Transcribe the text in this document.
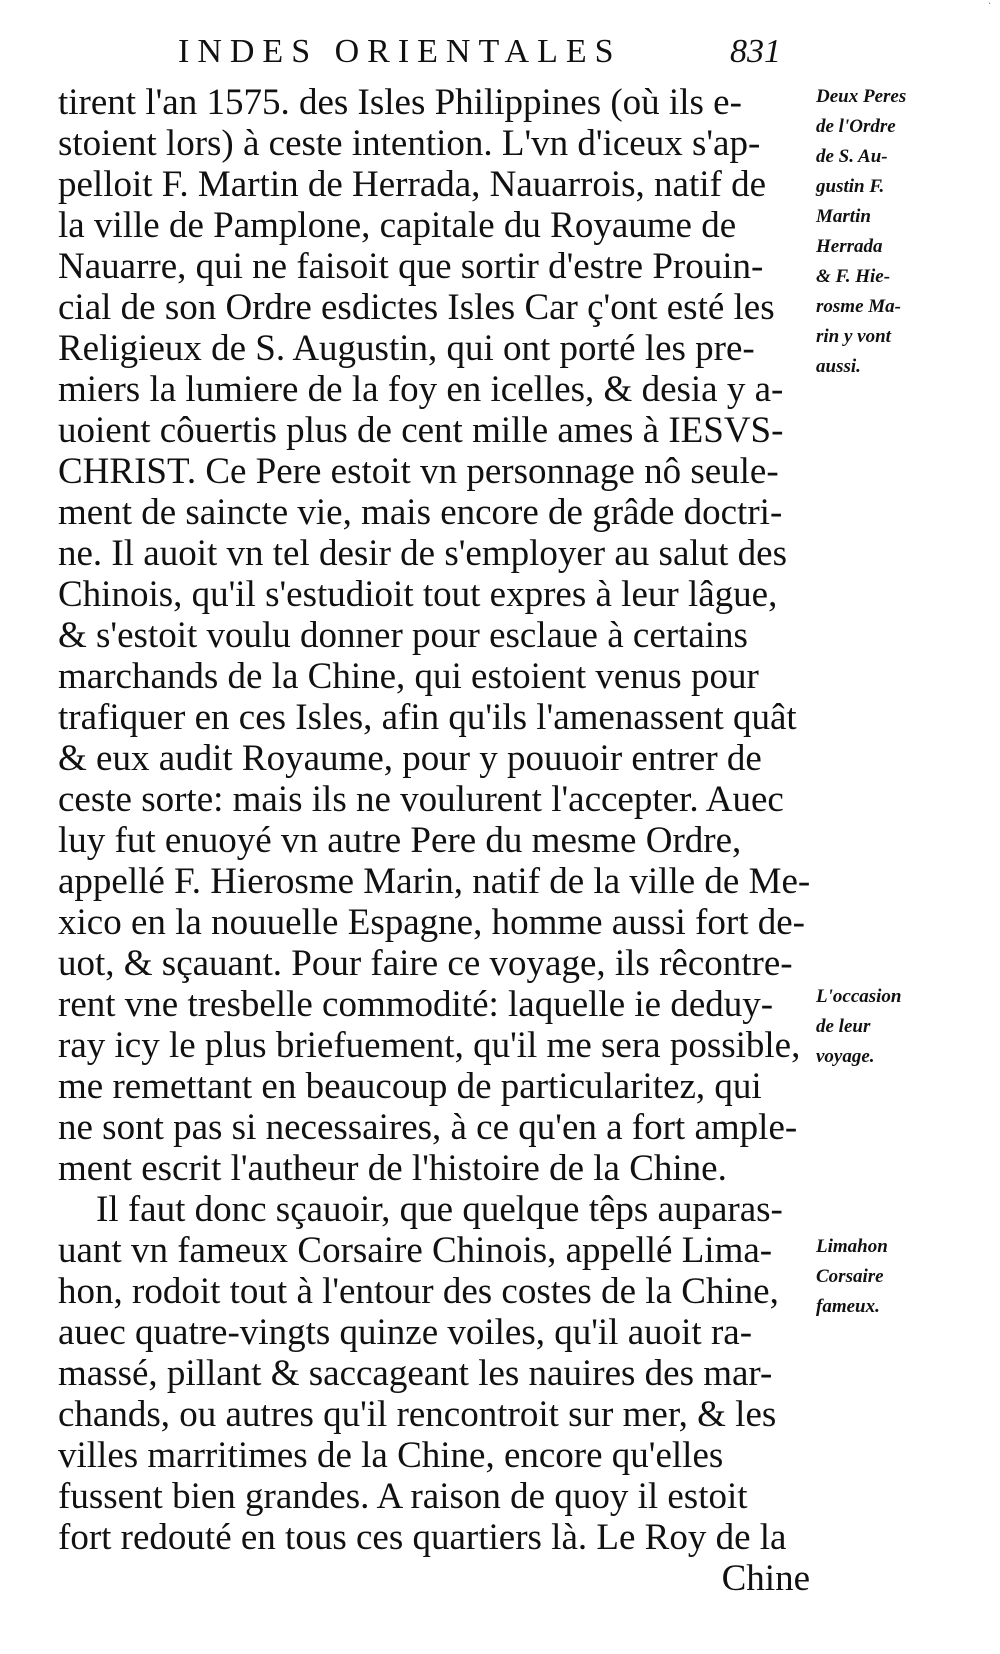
INDES ORIENTALES	831
tirent l'an 1575. des Isles Philippines (où ils e-
stoient lors) à ceste intention. L'vn d'iceux s'ap-
pelloit F. Martin de Herrada, Nauarrois, natif de
la ville de Pamplone, capitale du Royaume de
Nauarre, qui ne faisoit que sortir d'estre Prouin-
cial de son Ordre esdictes Isles Car ç'ont esté les
Religieux de S. Augustin, qui ont porté les pre-
miers la lumiere de la foy en icelles, & desia y a-
uoient côuertis plus de cent mille ames à IESVS-
CHRIST. Ce Pere estoit vn personnage nô seule-
ment de saincte vie, mais encore de grâde doctri-
ne. Il auoit vn tel desir de s'employer au salut des
Chinois, qu'il s'estudioit tout expres à leur lâgue,
& s'estoit voulu donner pour esclaue à certains
marchands de la Chine, qui estoient venus pour
trafiquer en ces Isles, afin qu'ils l'amenassent quât
& eux audit Royaume, pour y pouuoir entrer de
ceste sorte: mais ils ne voulurent l'accepter. Auec
luy fut enuoyé vn autre Pere du mesme Ordre,
appellé F. Hierosme Marin, natif de la ville de Me-
xico en la nouuelle Espagne, homme aussi fort de-
uot, & sçauant. Pour faire ce voyage, ils rêcontre-
rent vne tresbelle commodité: laquelle ie deduy-
ray icy le plus briefuement, qu'il me sera possible,
me remettant en beaucoup de particularitez, qui
ne sont pas si necessaires, à ce qu'en a fort ample-
ment escrit l'autheur de l'histoire de la Chine.
Il faut donc sçauoir, que quelque têps auparas-
uant vn fameux Corsaire Chinois, appellé Lima-
hon, rodoit tout à l'entour des costes de la Chine,
auec quatre-vingts quinze voiles, qu'il auoit ra-
massé, pillant & saccageant les nauires des mar-
chands, ou autres qu'il rencontroit sur mer, & les
villes marritimes de la Chine, encore qu'elles
fussent bien grandes. A raison de quoy il estoit
fort redouté en tous ces quartiers là. Le Roy de la
Chine
Deux Peres
de l'Ordre
de S. Au-
gustin F.
Martin
Herrada
& F. Hie-
rosme Ma-
rin y vont
aussi.
L'occasion
de leur
voyage.
Limahon
Corsaire
fameux.
·
